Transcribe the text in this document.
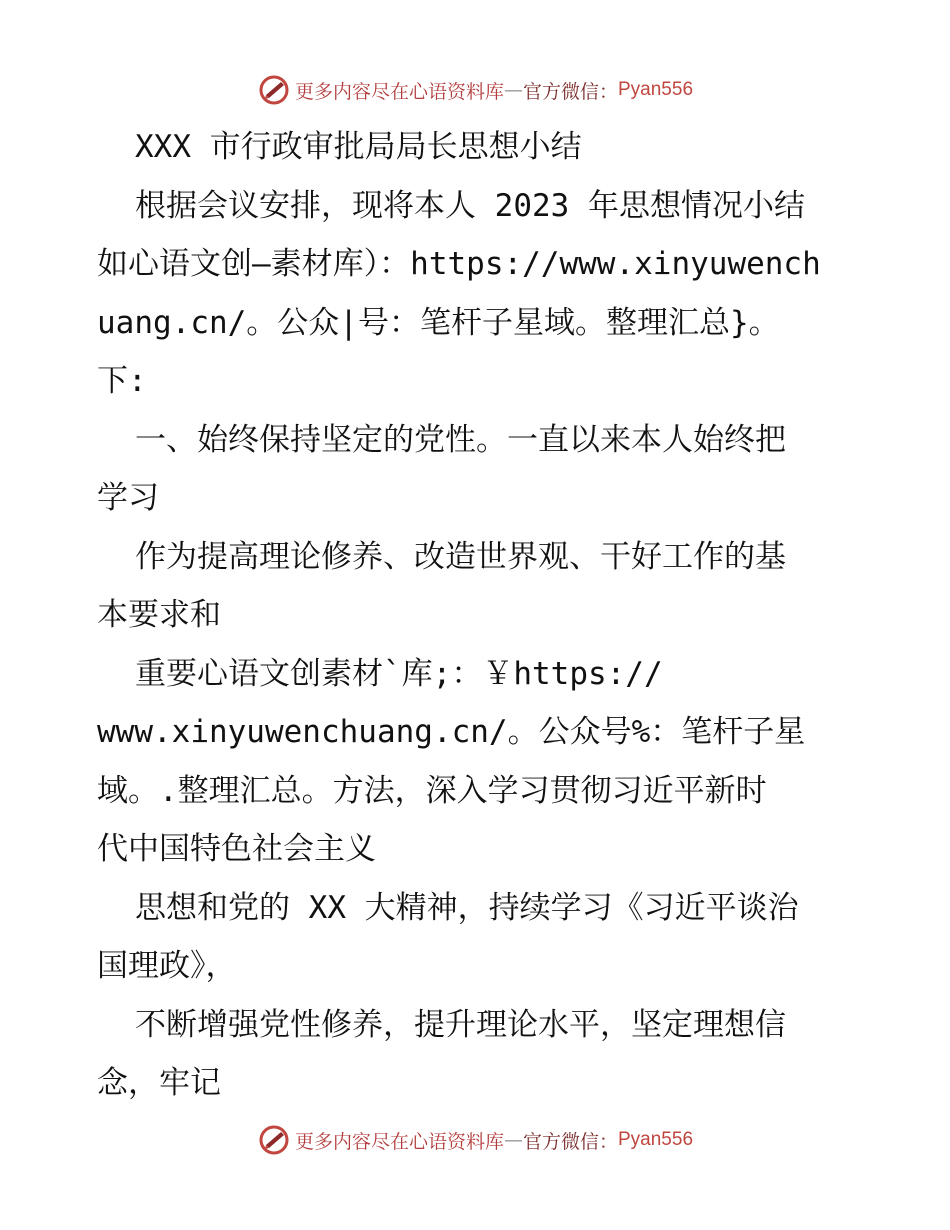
更多内容尽在心语资料库 — 官方微信： Pyan556
XXX 市行政审批局局长思想小结
根据会议安排，现将本人 2023 年思想情况小结
如心语文创—素材库）：https://www.xinyuwench
uang.cn/。公众|号：笔杆子星域。整理汇总}。
下:
一、始终保持坚定的党性。一直以来本人始终把
学习
作为提高理论修养、改造世界观、干好工作的基
本要求和
重要心语文创素材`库;：￥https://
www.xinyuwenchuang.cn/。公众号%：笔杆子星
域。.整理汇总。方法，深入学习贯彻习近平新时
代中国特色社会主义
思想和党的 XX 大精神，持续学习《习近平谈治
国理政》，
不断增强党性修养，提升理论水平，坚定理想信
念，牢记
更多内容尽在心语资料库 — 官方微信： Pyan556
